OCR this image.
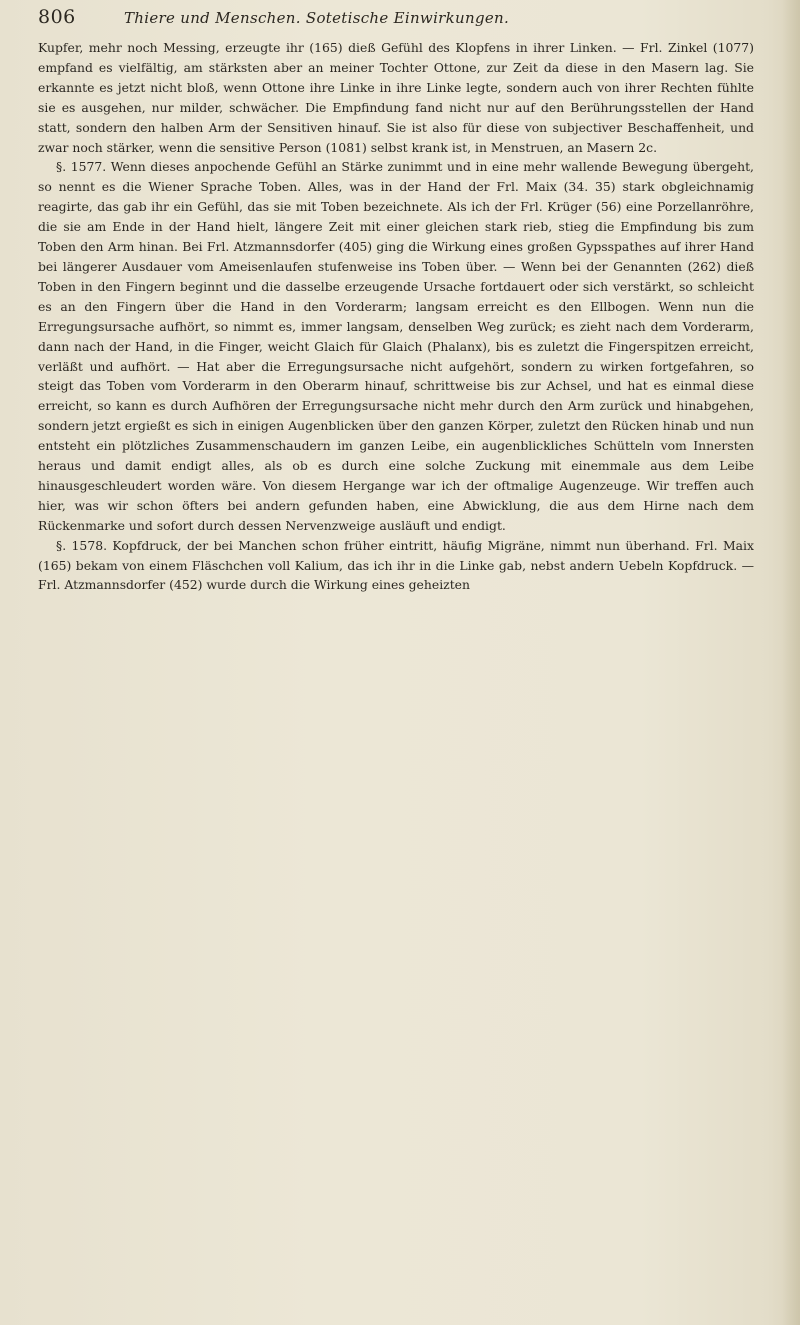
806	Thiere und Menschen. Sotetische Einwirkungen.

Kupfer, mehr noch Messing, erzeugte ihr (165) dieß Gefühl des Klopfens in ihrer Linken. — Frl. Zinkel (1077) empfand es vielfältig, am stärksten aber an meiner Tochter Ottone, zur Zeit da diese in den Masern lag. Sie erkannte es jetzt nicht bloß, wenn Ottone ihre Linke in ihre Linke legte, sondern auch von ihrer Rechten fühlte sie es ausgehen, nur milder, schwächer. Die Empfindung fand nicht nur auf den Berührungsstellen der Hand statt, sondern den halben Arm der Sensitiven hinauf. Sie ist also für diese von subjectiver Beschaffenheit, und zwar noch stärker, wenn die sensitive Person (1081) selbst krank ist, in Menstruen, an Masern 2c.

§. 1577. Wenn dieses anpochende Gefühl an Stärke zunimmt und in eine mehr wallende Bewegung übergeht, so nennt es die Wiener Sprache Toben. Alles, was in der Hand der Frl. Maix (34. 35) stark obgleichnamig reagirte, das gab ihr ein Gefühl, das sie mit Toben bezeichnete. Als ich der Frl. Krüger (56) eine Porzellanröhre, die sie am Ende in der Hand hielt, längere Zeit mit einer gleichen stark rieb, stieg die Empfindung bis zum Toben den Arm hinan. Bei Frl. Atzmannsdorfer (405) ging die Wirkung eines großen Gypsspathes auf ihrer Hand bei längerer Ausdauer vom Ameisenlaufen stufenweise ins Toben über. — Wenn bei der Genannten (262) dieß Toben in den Fingern beginnt und die dasselbe erzeugende Ursache fortdauert oder sich verstärkt, so schleicht es an den Fingern über die Hand in den Vorderarm; langsam erreicht es den Ellbogen. Wenn nun die Erregungsursache aufhört, so nimmt es, immer langsam, denselben Weg zurück; es zieht nach dem Vorderarm, dann nach der Hand, in die Finger, weicht Glaich für Glaich (Phalanx), bis es zuletzt die Fingerspitzen erreicht, verläßt und aufhört. — Hat aber die Erregungsursache nicht aufgehört, sondern zu wirken fortgefahren, so steigt das Toben vom Vorderarm in den Oberarm hinauf, schrittweise bis zur Achsel, und hat es einmal diese erreicht, so kann es durch Aufhören der Erregungsursache nicht mehr durch den Arm zurück und hinabgehen, sondern jetzt ergießt es sich in einigen Augenblicken über den ganzen Körper, zuletzt den Rücken hinab und nun entsteht ein plötzliches Zusammenschaudern im ganzen Leibe, ein augenblickliches Schütteln vom Innersten heraus und damit endigt alles, als ob es durch eine solche Zuckung mit einemmale aus dem Leibe hinausgeschleudert worden wäre. Von diesem Hergange war ich der oftmalige Augenzeuge. Wir treffen auch hier, was wir schon öfters bei andern gefunden haben, eine Abwicklung, die aus dem Hirne nach dem Rückenmarke und sofort durch dessen Nervenzweige ausläuft und endigt.

§. 1578. Kopfdruck, der bei Manchen schon früher eintritt, häufig Migräne, nimmt nun überhand. Frl. Maix (165) bekam von einem Fläschchen voll Kalium, das ich ihr in die Linke gab, nebst andern Uebeln Kopfdruck. — Frl. Atzmannsdorfer (452) wurde durch die Wirkung eines geheizten
